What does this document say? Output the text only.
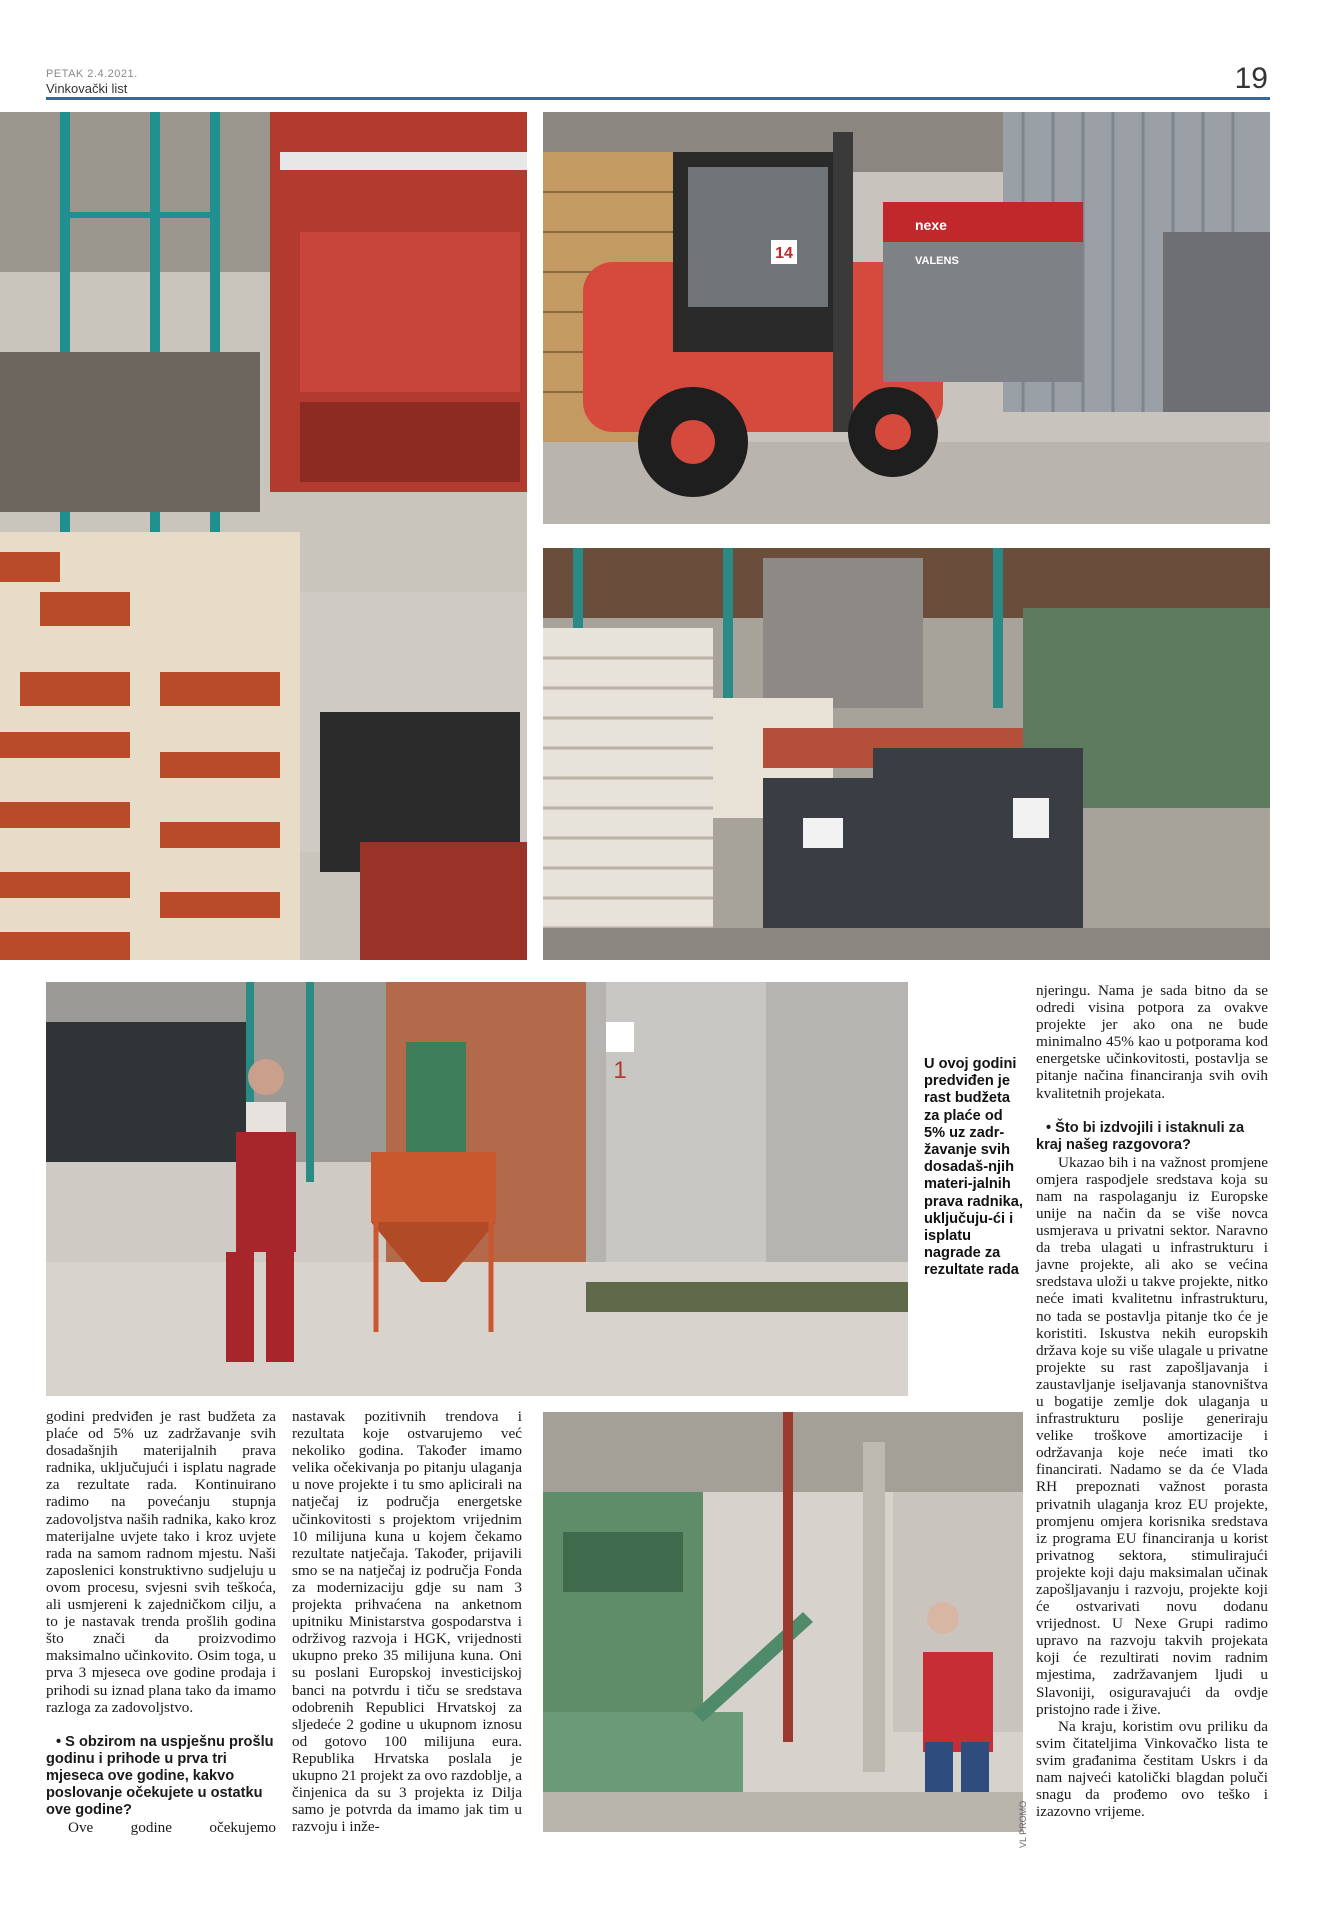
PETAK 2.4.2021.
Vinkovački list	19
14
nexe
VALENS
1

godini predviđen je rast budžeta za plaće od 5% uz zadržavanje svih dosadašnjih materijalnih prava radnika, uključujući i isplatu nagrade za rezultate rada. Kontinuirano radimo na povećanju stupnja zadovoljstva naših radnika, kako kroz materijalne uvjete tako i kroz uvjete rada na samom radnom mjestu. Naši zaposlenici konstruktivno sudjeluju u ovom procesu, svjesni svih teškoća, ali usmjereni k zajedničkom cilju, a to je nastavak trenda prošlih godina što znači da proizvodimo maksimalno učinkovito. Osim toga, u prva 3 mjeseca ove godine prodaja i prihodi su iznad plana tako da imamo razloga za zadovoljstvo.

• S obzirom na uspješnu prošlu godinu i prihode u prva tri mjeseca ove godine, kakvo poslovanje očekujete u ostatku ove godine?

Ove godine očekujemo

nastavak pozitivnih trendova i rezultata koje ostvarujemo već nekoliko godina. Također imamo velika očekivanja po pitanju ulaganja u nove projekte i tu smo aplicirali na natječaj iz područja energetske učinkovitosti s projektom vrijednim 10 milijuna kuna u kojem čekamo rezultate natječaja. Također, prijavili smo se na natječaj iz područja Fonda za modernizaciju gdje su nam 3 projekta prihvaćena na anketnom upitniku Ministarstva gospodarstva i održivog razvoja i HGK, vrijednosti ukupno preko 35 milijuna kuna. Oni su poslani Europskoj investicijskoj banci na potvrdu i tiču se sredstava odobrenih Republici Hrvatskoj za sljedeće 2 godine u ukupnom iznosu od gotovo 100 milijuna eura. Republika Hrvatska poslala je ukupno 21 projekt za ovo razdoblje, a činjenica da su 3 projekta iz Dilja samo je potvrda da imamo jak tim u razvoju i inže-

njeringu. Nama je sada bitno da se odredi visina potpora za ovakve projekte jer ako ona ne bude minimalno 45% kao u potporama kod energetske učinkovitosti, postavlja se pitanje načina financiranja svih ovih kvalitetnih projekata.

• Što bi izdvojili i istaknuli za kraj našeg razgovora?

Ukazao bih i na važnost promjene omjera raspodjele sredstava koja su nam na raspolaganju iz Europske unije na način da se više novca usmjerava u privatni sektor. Naravno da treba ulagati u infrastrukturu i javne projekte, ali ako se većina sredstava uloži u takve projekte, nitko neće imati kvalitetnu infrastrukturu, no tada se postavlja pitanje tko će je koristiti. Iskustva nekih europskih država koje su više ulagale u privatne projekte su rast zapošljavanja i zaustavljanje iseljavanja stanovništva u bogatije zemlje dok ulaganja u infrastrukturu poslije generiraju velike troškove amortizacije i održavanja koje neće imati tko financirati. Nadamo se da će Vlada RH prepoznati važnost porasta privatnih ulaganja kroz EU projekte, promjenu omjera korisnika sredstava iz programa EU financiranja u korist privatnog sektora, stimulirajući projekte koji daju maksimalan učinak zapošljavanju i razvoju, projekte koji će ostvarivati novu dodanu vrijednost. U Nexe Grupi radimo upravo na razvoju takvih projekata koji će rezultirati novim radnim mjestima, zadržavanjem ljudi u Slavoniji, osiguravajući da ovdje pristojno rade i žive.

Na kraju, koristim ovu priliku da svim čitateljima Vinkovačko lista te svim građanima čestitam Uskrs i da nam najveći katolički blagdan poluči snagu da prođemo ovo teško i izazovno vrijeme.

U ovoj godini predviđen je rast budžeta za plaće od 5% uz zadr-žavanje svih dosadaš-njih materi-jalnih prava radnika, uključuju-ći i isplatu nagrade za rezultate rada
VL PROMO
